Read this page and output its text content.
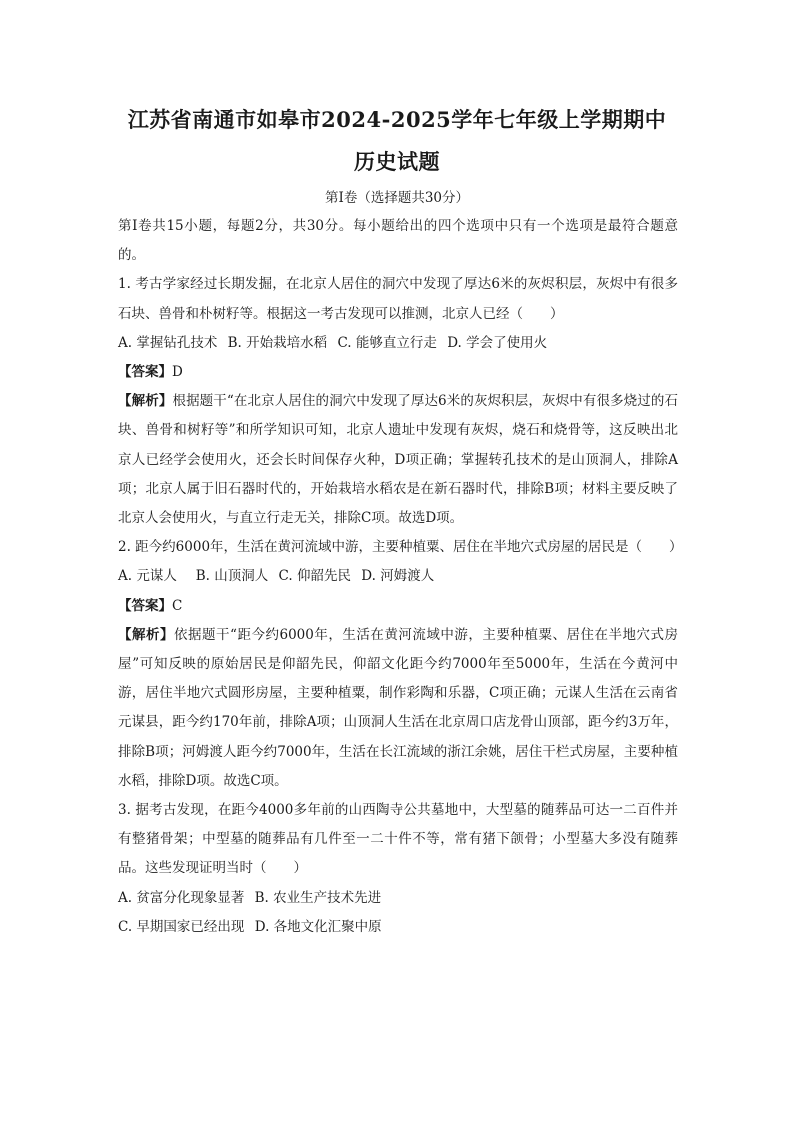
江苏省南通市如皋市2024-2025学年七年级上学期期中
历史试题
第Ⅰ卷（选择题共30分）

第Ⅰ卷共15小题，每题2分，共30分。每小题给出的四个选项中只有一个选项是最符合题意的。

1. 考古学家经过长期发掘，在北京人居住的洞穴中发现了厚达6米的灰烬积层，灰烬中有很多石块、兽骨和朴树籽等。根据这一考古发现可以推测，北京人已经（　　）

A. 掌握钻孔技术 B. 开始栽培水稻 C. 能够直立行走 D. 学会了使用火

【答案】D

【解析】根据题干“在北京人居住的洞穴中发现了厚达6米的灰烬积层，灰烬中有很多烧过的石块、兽骨和树籽等”和所学知识可知，北京人遗址中发现有灰烬，烧石和烧骨等，这反映出北京人已经学会使用火，还会长时间保存火种，D项正确；掌握转孔技术的是山顶洞人，排除A项；北京人属于旧石器时代的，开始栽培水稻农是在新石器时代，排除B项；材料主要反映了北京人会使用火，与直立行走无关，排除C项。故选D项。

2. 距今约6000年，生活在黄河流域中游，主要种植粟、居住在半地穴式房屋的居民是（　　）

A. 元谋人 B. 山顶洞人 C. 仰韶先民 D. 河姆渡人

【答案】C

【解析】依据题干“距今约6000年，生活在黄河流域中游，主要种植粟、居住在半地穴式房屋”可知反映的原始居民是仰韶先民，仰韶文化距今约7000年至5000年，生活在今黄河中游，居住半地穴式圆形房屋，主要种植粟，制作彩陶和乐器，C项正确；元谋人生活在云南省元谋县，距今约170年前，排除A项；山顶洞人生活在北京周口店龙骨山顶部，距今约3万年，排除B项；河姆渡人距今约7000年，生活在长江流域的浙江余姚，居住干栏式房屋，主要种植水稻，排除D项。故选C项。

3. 据考古发现，在距今4000多年前的山西陶寺公共墓地中，大型墓的随葬品可达一二百件并有整猪骨架；中型墓的随葬品有几件至一二十件不等，常有猪下颌骨；小型墓大多没有随葬品。这些发现证明当时（　　）

A. 贫富分化现象显著 B. 农业生产技术先进

C. 早期国家已经出现 D. 各地文化汇聚中原
